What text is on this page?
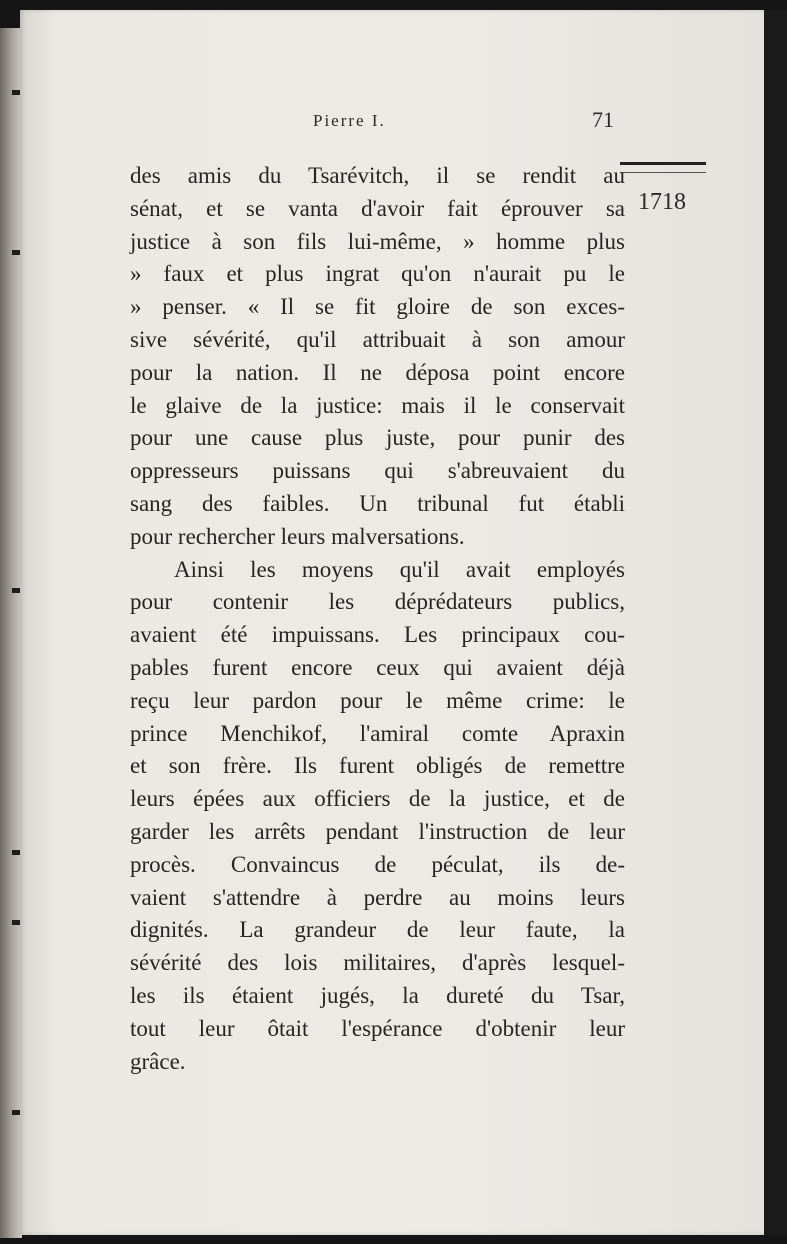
Pierre I.	71
1718
des amis du Tsarévitch, il se rendit au
sénat, et se vanta d'avoir fait éprouver sa
justice à son fils lui-même, » homme plus
» faux et plus ingrat qu'on n'aurait pu le
» penser. « Il se fit gloire de son exces-
sive sévérité, qu'il attribuait à son amour
pour la nation. Il ne déposa point encore
le glaive de la justice: mais il le conservait
pour une cause plus juste, pour punir des
oppresseurs puissans qui s'abreuvaient du
sang des faibles. Un tribunal fut établi
pour rechercher leurs malversations.
Ainsi les moyens qu'il avait employés
pour contenir les déprédateurs publics,
avaient été impuissans. Les principaux cou-
pables furent encore ceux qui avaient déjà
reçu leur pardon pour le même crime: le
prince Menchikof, l'amiral comte Apraxin
et son frère. Ils furent obligés de remettre
leurs épées aux officiers de la justice, et de
garder les arrêts pendant l'instruction de leur
procès. Convaincus de péculat, ils de-
vaient s'attendre à perdre au moins leurs
dignités. La grandeur de leur faute, la
sévérité des lois militaires, d'après lesquel-
les ils étaient jugés, la dureté du Tsar,
tout leur ôtait l'espérance d'obtenir leur
grâce.
